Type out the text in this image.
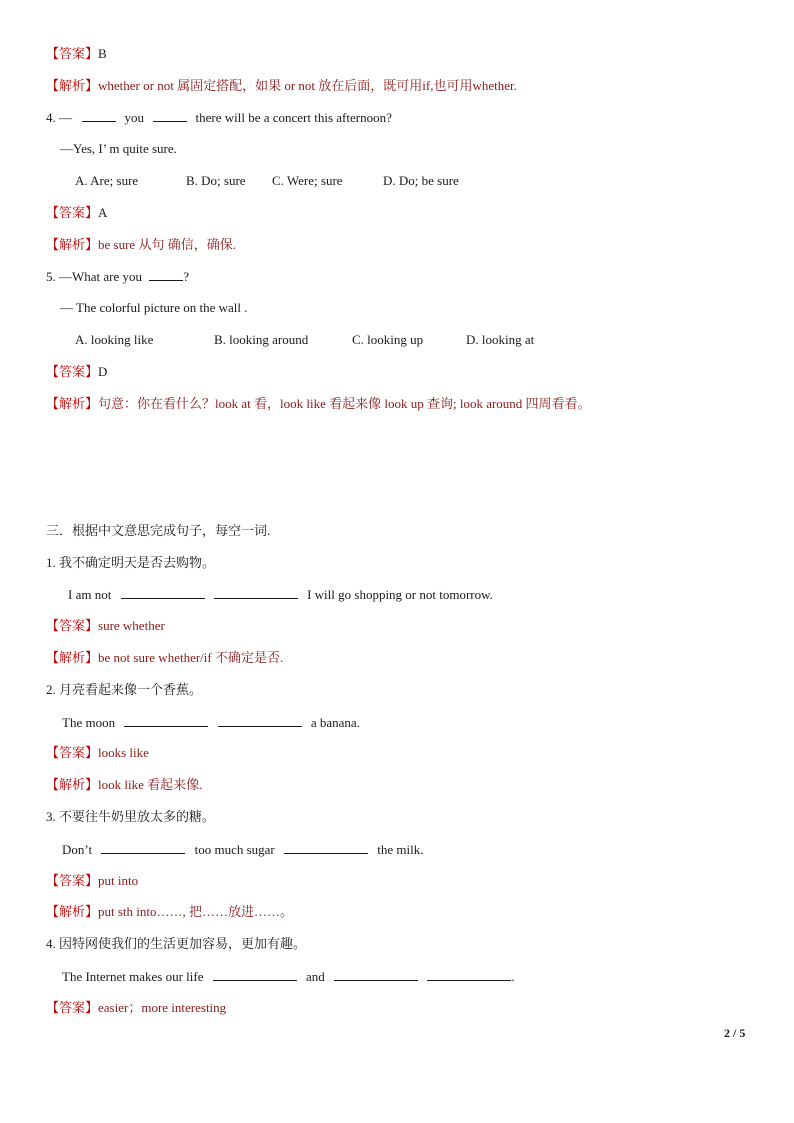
【答案】B
【解析】whether or not 属固定搭配，如果 or not 放在后面，既可用if,也可用whether.
4. —	you	there will be a concert this afternoon?
—Yes, I’ m quite sure.
A. Are; sure	B. Do; sure C. Were; sure	D. Do; be sure
【答案】A
【解析】be sure 从句 确信，确保.
5. —What are you	?
— The colorful picture on the wall .
A. looking like	B. looking around	C. looking up	D. looking at
【答案】D
【解析】句意：你在看什么？look at 看，look like 看起来像 look up 查询; look around 四周看看。
三．根据中文意思完成句子，每空一词.
1. 我不确定明天是否去购物。
I am not	I will go shopping or not tomorrow.
【答案】sure whether
【解析】be not sure whether/if 不确定是否.
2. 月亮看起来像一个香蕉。
The moon	a banana.
【答案】looks like
【解析】look like 看起来像.
3. 不要往牛奶里放太多的糖。
Don’t	too much sugar	the milk.
【答案】put into
【解析】put sth into……, 把……放进……。
4. 因特网使我们的生活更加容易，更加有趣。
The Internet makes our life	and	.
【答案】easier；more interesting
2 / 5
